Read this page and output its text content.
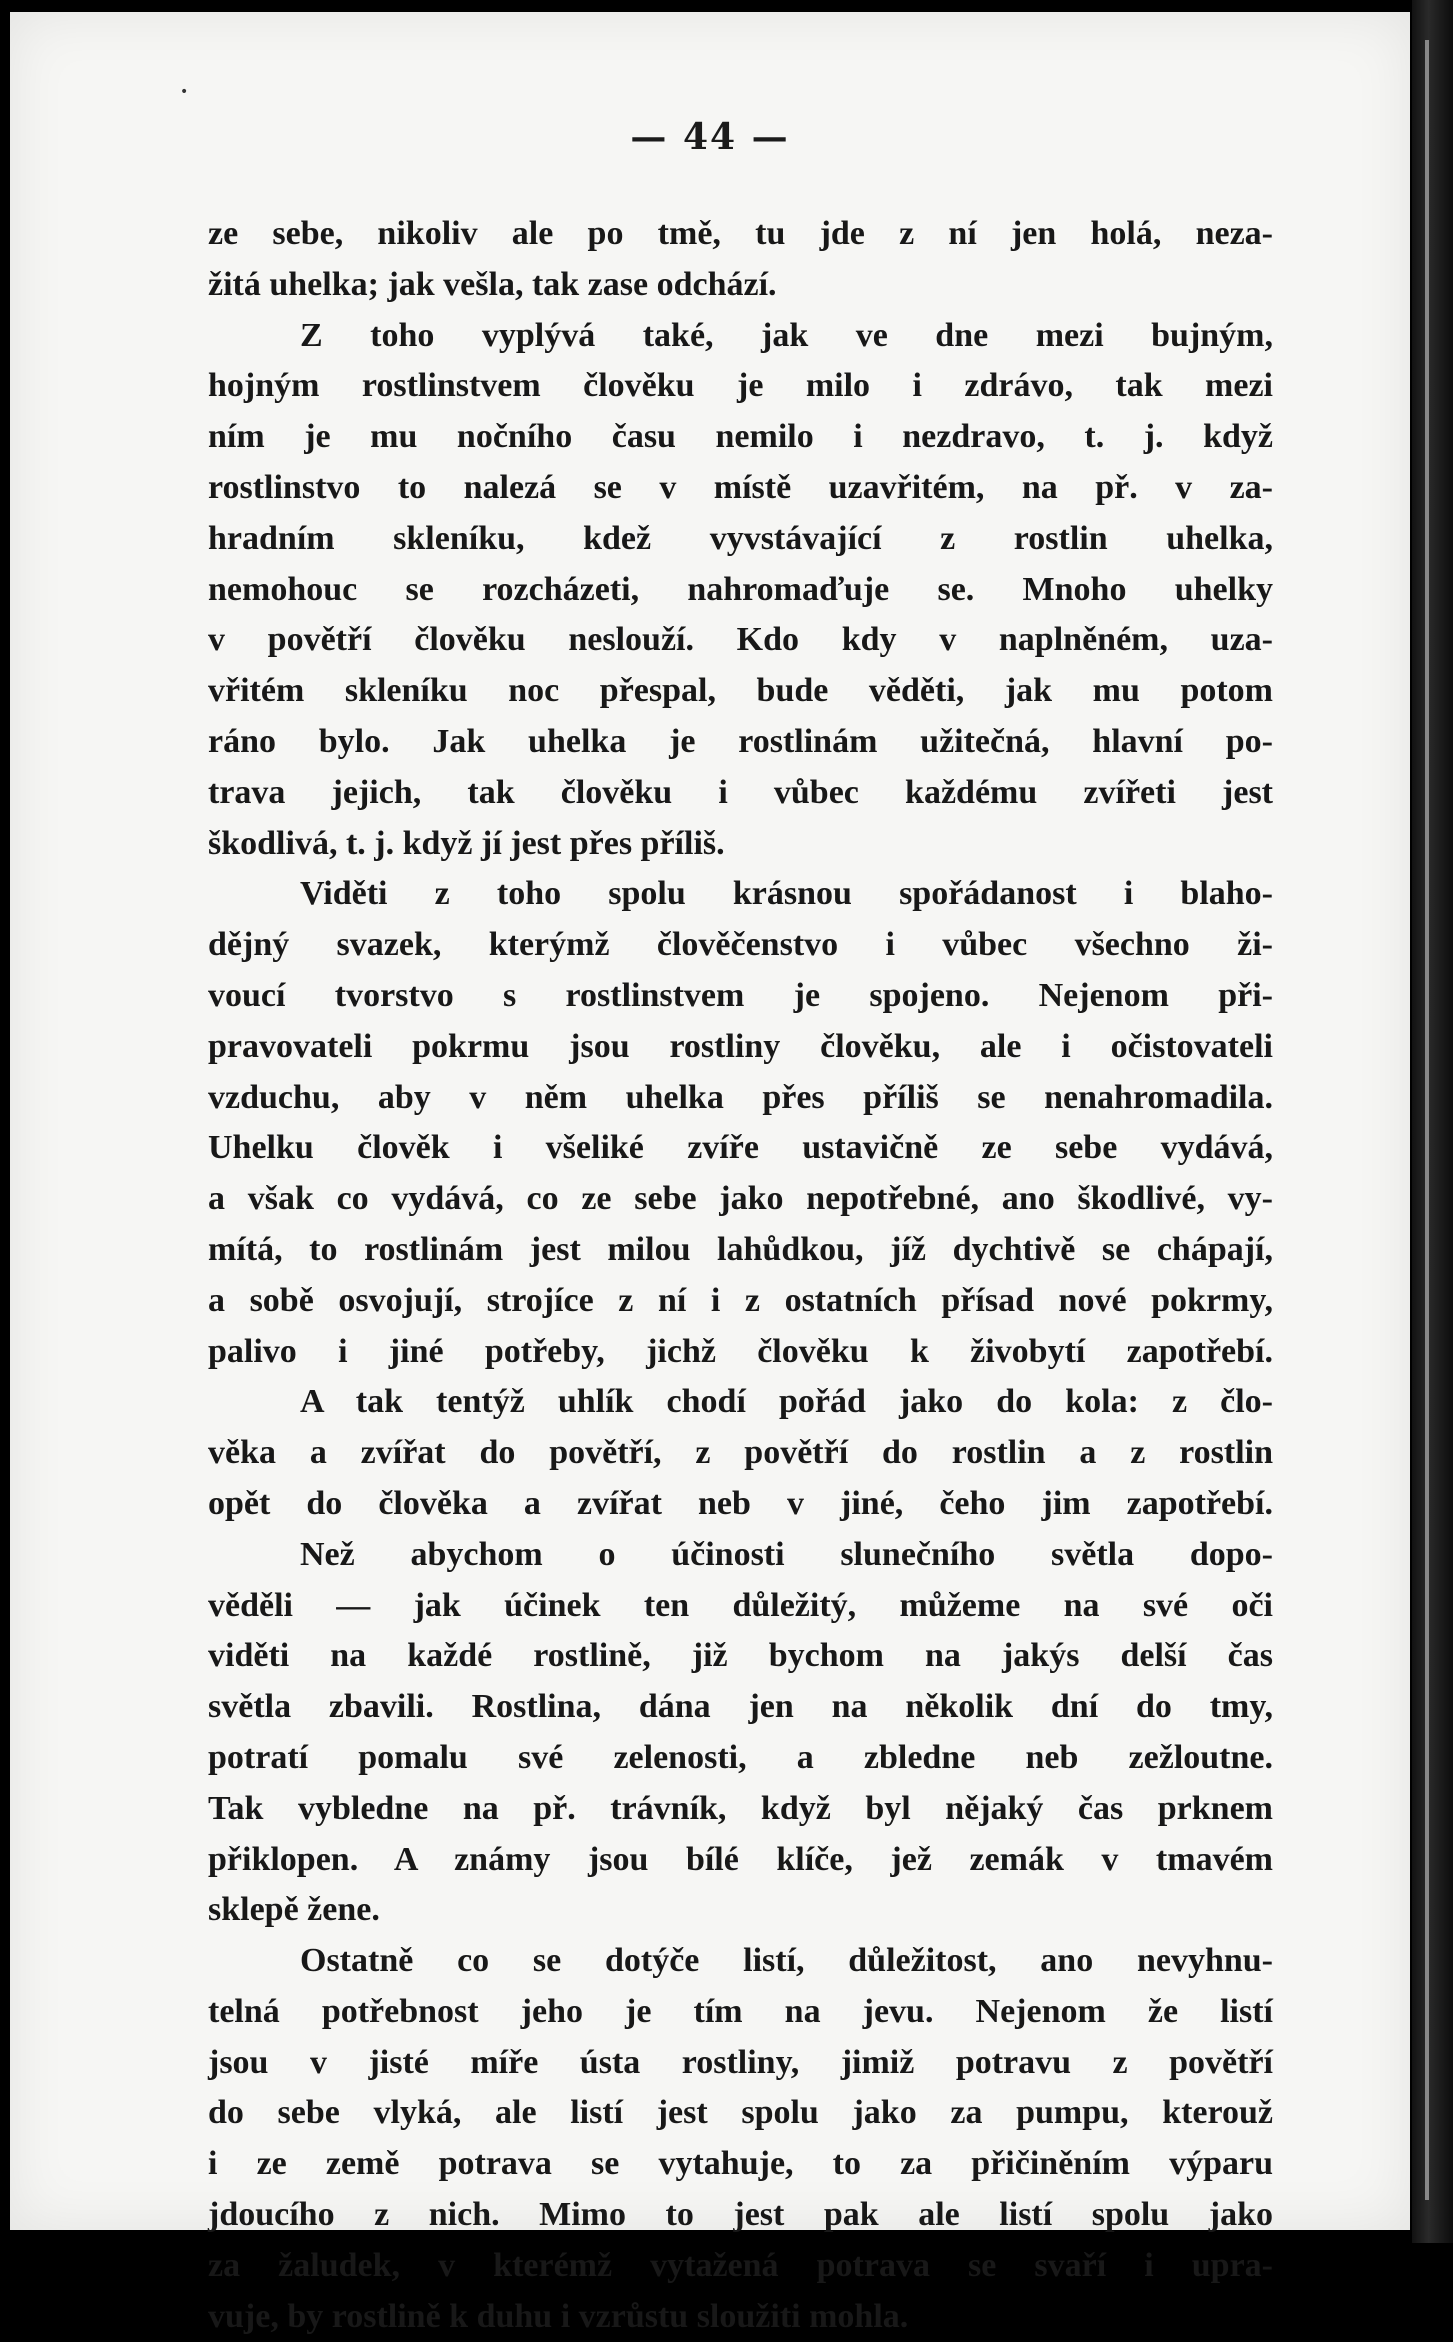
— 44 —
ze sebe, nikoliv ale po tmě, tu jde z ní jen holá, neza-
žitá uhelka; jak vešla, tak zase odchází.
Z toho vyplývá také, jak ve dne mezi bujným,
hojným rostlinstvem člověku je milo i zdrávo, tak mezi
ním je mu nočního času nemilo i nezdravo, t. j. když
rostlinstvo to nalezá se v místě uzavřitém, na př. v za-
hradním skleníku, kdež vyvstávající z rostlin uhelka,
nemohouc se rozcházeti, nahromaďuje se. Mnoho uhelky
v povětří člověku neslouží. Kdo kdy v naplněném, uza-
vřitém skleníku noc přespal, bude věděti, jak mu potom
ráno bylo. Jak uhelka je rostlinám užitečná, hlavní po-
trava jejich, tak člověku i vůbec každému zvířeti jest
škodlivá, t. j. když jí jest přes příliš.
Viděti z toho spolu krásnou spořádanost i blaho-
dějný svazek, kterýmž člověčenstvo i vůbec všechno ži-
voucí tvorstvo s rostlinstvem je spojeno. Nejenom při-
pravovateli pokrmu jsou rostliny člověku, ale i očistovateli
vzduchu, aby v něm uhelka přes příliš se nenahromadila.
Uhelku člověk i všeliké zvíře ustavičně ze sebe vydává,
a však co vydává, co ze sebe jako nepotřebné, ano škodlivé, vy-
mítá, to rostlinám jest milou lahůdkou, jíž dychtivě se chápají,
a sobě osvojují, strojíce z ní i z ostatních přísad nové pokrmy,
palivo i jiné potřeby, jichž člověku k živobytí zapotřebí.
A tak tentýž uhlík chodí pořád jako do kola: z člo-
věka a zvířat do povětří, z povětří do rostlin a z rostlin
opět do člověka a zvířat neb v jiné, čeho jim zapotřebí.
Než abychom o účinosti slunečního světla dopo-
věděli — jak účinek ten důležitý, můžeme na své oči
viděti na každé rostlině, již bychom na jakýs delší čas
světla zbavili. Rostlina, dána jen na několik dní do tmy,
potratí pomalu své zelenosti, a zbledne neb zežloutne.
Tak vybledne na př. trávník, když byl nějaký čas prknem
přiklopen. A známy jsou bílé klíče, jež zemák v tmavém
sklepě žene.
Ostatně co se dotýče listí, důležitost, ano nevyhnu-
telná potřebnost jeho je tím na jevu. Nejenom že listí
jsou v jisté míře ústa rostliny, jimiž potravu z povětří
do sebe vlyká, ale listí jest spolu jako za pumpu, kterouž
i ze země potrava se vytahuje, to za přičiněním výparu
jdoucího z nich. Mimo to jest pak ale listí spolu jako
za žaludek, v kterémž vytažená potrava se svaří i upra-
vuje, by rostlině k duhu i vzrůstu sloužiti mohla.
•
